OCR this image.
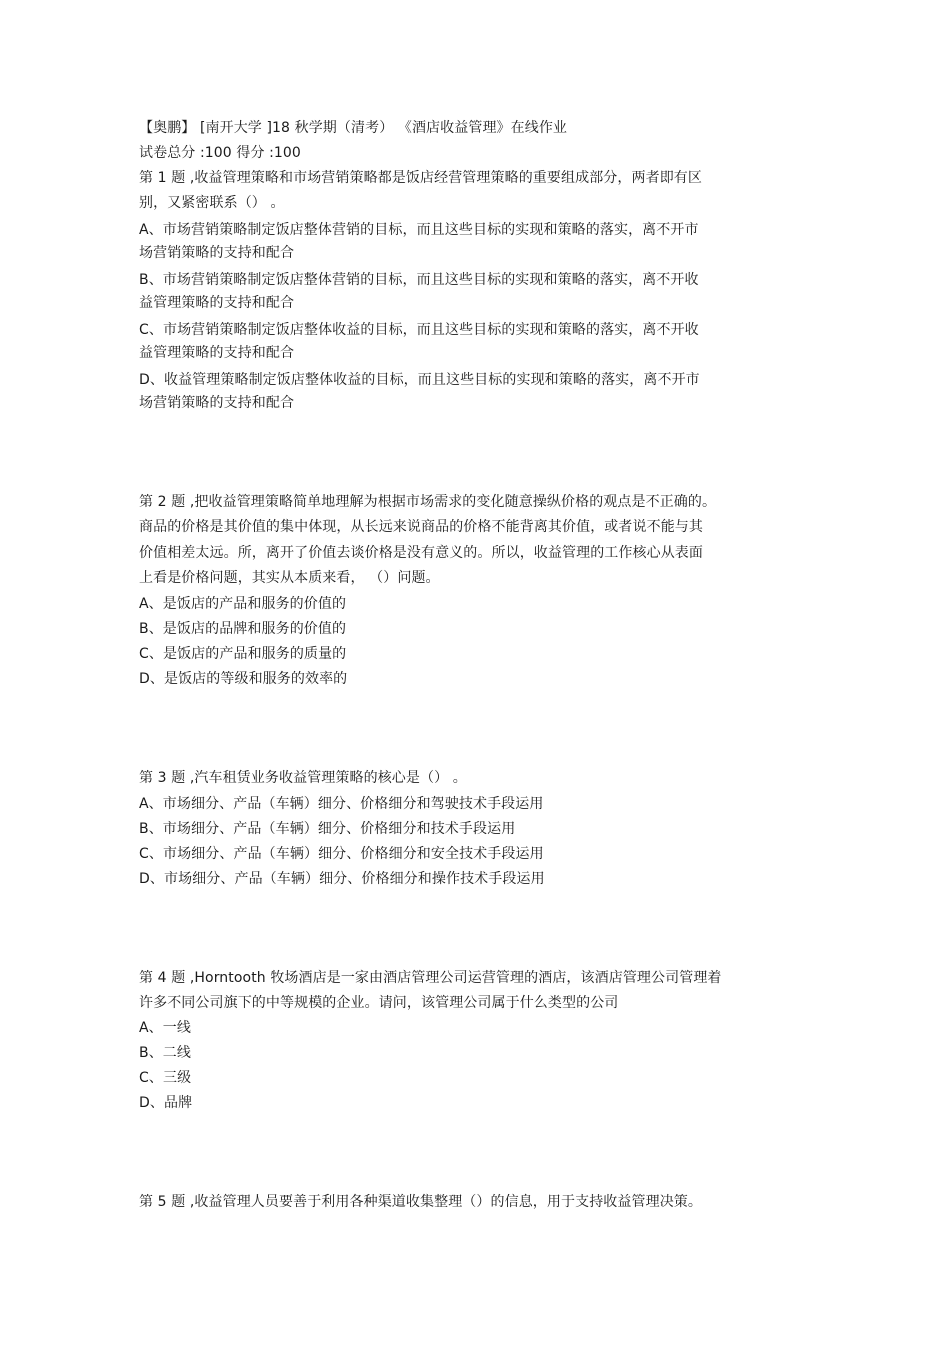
【奥鹏】 [南开大学 ]18 秋学期（清考） 《酒店收益管理》在线作业
试卷总分 :100 得分 :100
第 1 题 ,收益管理策略和市场营销策略都是饭店经营管理策略的重要组成部分，两者即有区
别，又紧密联系（） 。
A、市场营销策略制定饭店整体营销的目标，而且这些目标的实现和策略的落实，离不开市
场营销策略的支持和配合
B、市场营销策略制定饭店整体营销的目标，而且这些目标的实现和策略的落实，离不开收
益管理策略的支持和配合
C、市场营销策略制定饭店整体收益的目标，而且这些目标的实现和策略的落实，离不开收
益管理策略的支持和配合
D、收益管理策略制定饭店整体收益的目标，而且这些目标的实现和策略的落实，离不开市
场营销策略的支持和配合
第 2 题 ,把收益管理策略简单地理解为根据市场需求的变化随意操纵价格的观点是不正确的。
商品的价格是其价值的集中体现，从长远来说商品的价格不能背离其价值，或者说不能与其
价值相差太远。所，离开了价值去谈价格是没有意义的。所以，收益管理的工作核心从表面
上看是价格问题，其实从本质来看， （）问题。
A、是饭店的产品和服务的价值的
B、是饭店的品牌和服务的价值的
C、是饭店的产品和服务的质量的
D、是饭店的等级和服务的效率的
第 3 题 ,汽车租赁业务收益管理策略的核心是（） 。
A、市场细分、产品（车辆）细分、价格细分和驾驶技术手段运用
B、市场细分、产品（车辆）细分、价格细分和技术手段运用
C、市场细分、产品（车辆）细分、价格细分和安全技术手段运用
D、市场细分、产品（车辆）细分、价格细分和操作技术手段运用
第 4 题 ,Horntooth 牧场酒店是一家由酒店管理公司运营管理的酒店，该酒店管理公司管理着
许多不同公司旗下的中等规模的企业。请问，该管理公司属于什么类型的公司
A、一线
B、二线
C、三级
D、品牌
第 5 题 ,收益管理人员要善于利用各种渠道收集整理（）的信息，用于支持收益管理决策。
